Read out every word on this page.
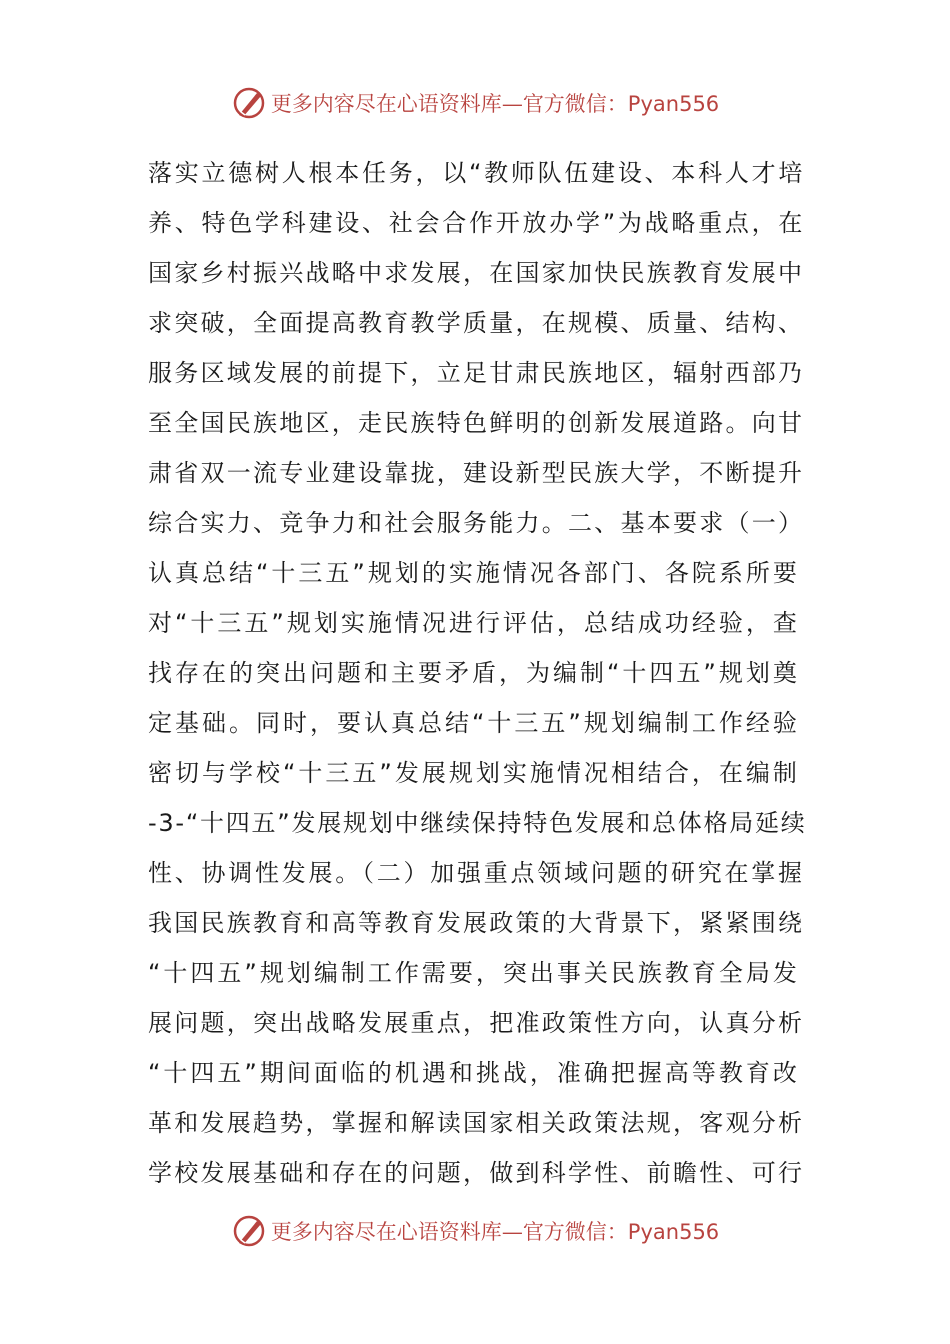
更多内容尽在心语资料库—官方微信：Pyan556
落实立德树人根本任务，以“教师队伍建设、本科人才培
养、特色学科建设、社会合作开放办学”为战略重点，在
国家乡村振兴战略中求发展，在国家加快民族教育发展中
求突破，全面提高教育教学质量，在规模、质量、结构、
服务区域发展的前提下，立足甘肃民族地区，辐射西部乃
至全国民族地区，走民族特色鲜明的创新发展道路。向甘
肃省双一流专业建设靠拢，建设新型民族大学，不断提升
综合实力、竞争力和社会服务能力。二、基本要求（一）
认真总结“十三五”规划的实施情况各部门、各院系所要
对“十三五”规划实施情况进行评估，总结成功经验，查
找存在的突出问题和主要矛盾，为编制“十四五”规划奠
定基础。同时，要认真总结“十三五”规划编制工作经验
密切与学校“十三五”发展规划实施情况相结合，在编制
-3-“十四五”发展规划中继续保持特色发展和总体格局延续
性、协调性发展。（二）加强重点领域问题的研究在掌握
我国民族教育和高等教育发展政策的大背景下，紧紧围绕
“十四五”规划编制工作需要，突出事关民族教育全局发
展问题，突出战略发展重点，把准政策性方向，认真分析
“十四五”期间面临的机遇和挑战，准确把握高等教育改
革和发展趋势，掌握和解读国家相关政策法规，客观分析
学校发展基础和存在的问题，做到科学性、前瞻性、可行
更多内容尽在心语资料库—官方微信：Pyan556
